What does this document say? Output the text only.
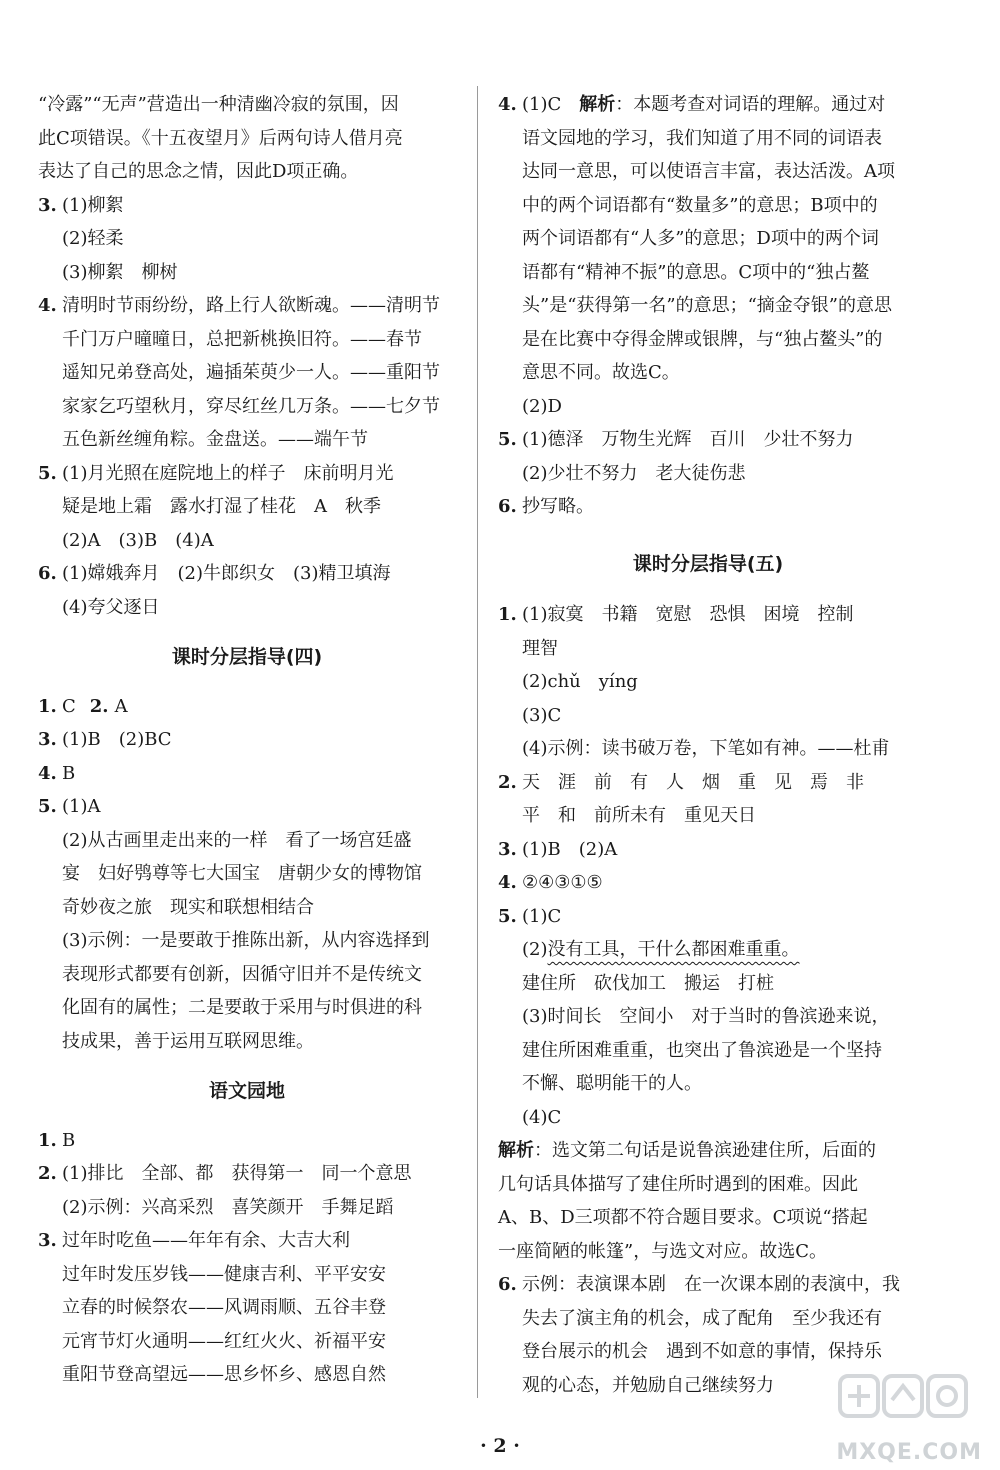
“冷露”“无声”营造出一种清幽冷寂的氛围，因
此C项错误。《十五夜望月》后两句诗人借月亮
表达了自己的思念之情，因此D项正确。
3. (1)柳絮
(2)轻柔
(3)柳絮　柳树
4. 清明时节雨纷纷，路上行人欲断魂。——清明节
千门万户曈曈日，总把新桃换旧符。——春节
遥知兄弟登高处，遍插茱萸少一人。——重阳节
家家乞巧望秋月，穿尽红丝几万条。——七夕节
五色新丝缠角粽。金盘送。——端午节
5. (1)月光照在庭院地上的样子　床前明月光
疑是地上霜　露水打湿了桂花　A　秋季
(2)A　(3)B　(4)A
6. (1)嫦娥奔月　(2)牛郎织女　(3)精卫填海
(4)夸父逐日
课时分层指导(四)
1. C 2. A
3. (1)B　(2)BC
4. B
5. (1)A
(2)从古画里走出来的一样　看了一场宫廷盛
宴　妇好鸮尊等七大国宝　唐朝少女的博物馆
奇妙夜之旅　现实和联想相结合
(3)示例：一是要敢于推陈出新，从内容选择到
表现形式都要有创新，因循守旧并不是传统文
化固有的属性；二是要敢于采用与时俱进的科
技成果，善于运用互联网思维。
语文园地
1. B
2. (1)排比　全部、都　获得第一　同一个意思
(2)示例：兴高采烈　喜笑颜开　手舞足蹈
3. 过年时吃鱼——年年有余、大吉大利
过年时发压岁钱——健康吉利、平平安安
立春的时候祭农——风调雨顺、五谷丰登
元宵节灯火通明——红红火火、祈福平安
重阳节登高望远——思乡怀乡、感恩自然
4. (1)C　解析：本题考查对词语的理解。通过对
语文园地的学习，我们知道了用不同的词语表
达同一意思，可以使语言丰富，表达活泼。A项
中的两个词语都有“数量多”的意思；B项中的
两个词语都有“人多”的意思；D项中的两个词
语都有“精神不振”的意思。C项中的“独占鳌
头”是“获得第一名”的意思；“摘金夺银”的意思
是在比赛中夺得金牌或银牌，与“独占鳌头”的
意思不同。故选C。
(2)D
5. (1)德泽　万物生光辉　百川　少壮不努力
(2)少壮不努力　老大徒伤悲
6. 抄写略。
课时分层指导(五)
1. (1)寂寞　书籍　宽慰　恐惧　困境　控制
理智
(2)chǔ　yíng
(3)C
(4)示例：读书破万卷，下笔如有神。——杜甫
2. 天　涯　前　有　人　烟　重　见　焉　非
平　和　前所未有　重见天日
3. (1)B　(2)A
4. ②④③①⑤
5. (1)C
(2)没有工具，干什么都困难重重。
建住所　砍伐加工　搬运　打桩
(3)时间长　空间小　对于当时的鲁滨逊来说，
建住所困难重重，也突出了鲁滨逊是一个坚持
不懈、聪明能干的人。
(4)C
解析：选文第二句话是说鲁滨逊建住所，后面的
几句话具体描写了建住所时遇到的困难。因此
A、B、D三项都不符合题目要求。C项说“搭起
一座简陋的帐篷”，与选文对应。故选C。
6. 示例：表演课本剧　在一次课本剧的表演中，我
失去了演主角的机会，成了配角　至少我还有
登台展示的机会　遇到不如意的事情，保持乐
观的心态，并勉励自己继续努力
· 2 ·	MXQE.COM
